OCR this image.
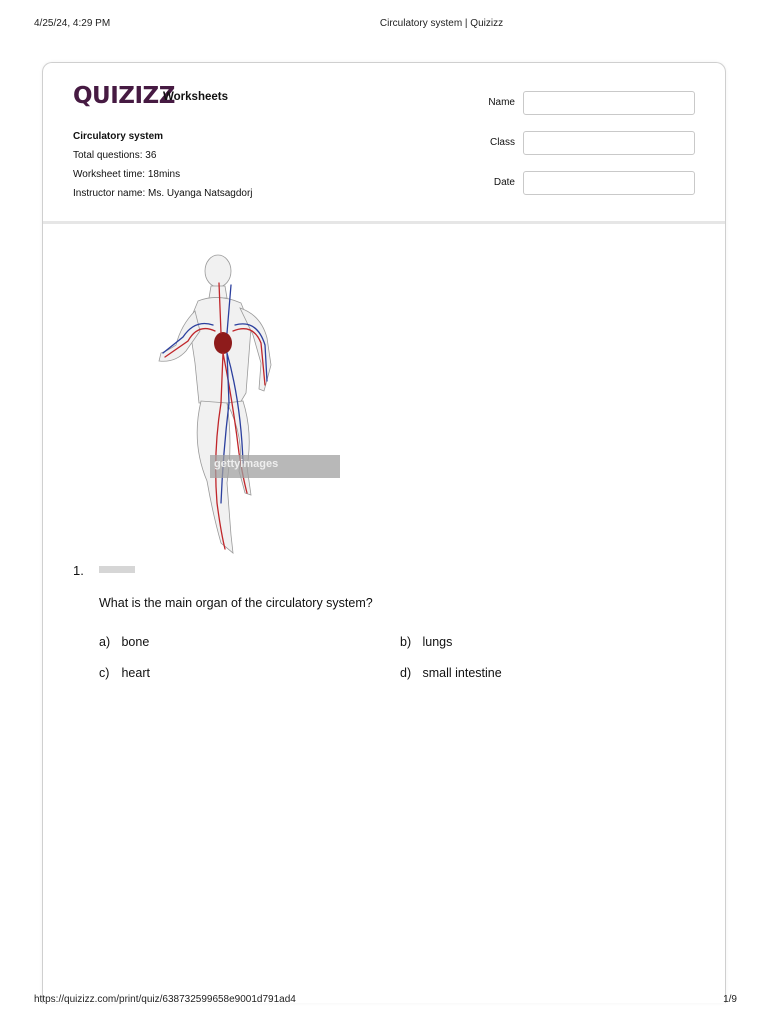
4/25/24, 4:29 PM	Circulatory system | Quizizz
QUIZIZZ
Worksheets
Circulatory system
Total questions: 36
Worksheet time: 18mins
Instructor name: Ms. Uyanga Natsagdorj
Name
Class
Date
gettyimages
1.
What is the main organ of the circulatory system?
a) bone	b) lungs
c) heart	d) small intestine
https://quizizz.com/print/quiz/638732599658e9001d791ad4	1/9
